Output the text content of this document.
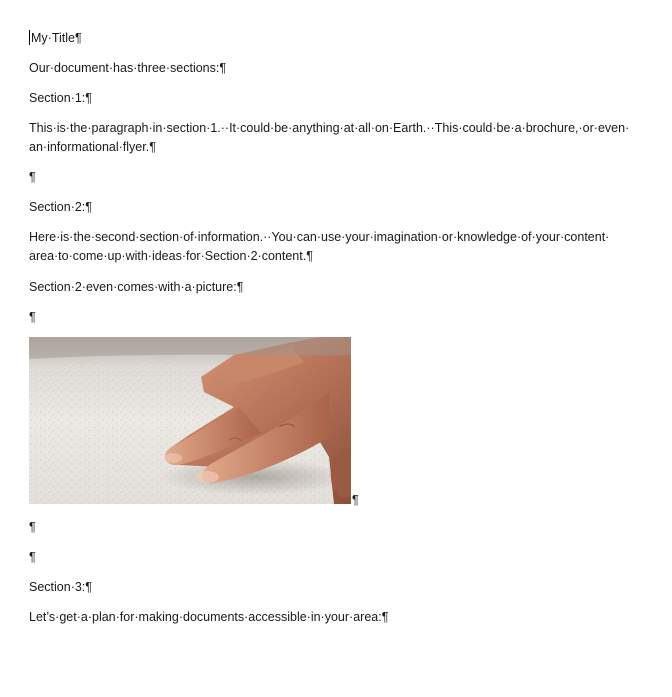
My·Title¶
Our·document·has·three·sections:¶
Section·1:¶
This·is·the·paragraph·in·section·1.··It·could·be·anything·at·all·on·Earth.··This·could·be·a·brochure,·or·even·
an·informational·flyer.¶
¶
Section·2:¶
Here·is·the·second·section·of·information.··You·can·use·your·imagination·or·knowledge·of·your·content·
area·to·come·up·with·ideas·for·Section·2·content.¶
Section·2·even·comes·with·a·picture:¶
¶
¶
¶
¶
Section·3:¶
Let’s·get·a·plan·for·making·documents·accessible·in·your·area:¶
